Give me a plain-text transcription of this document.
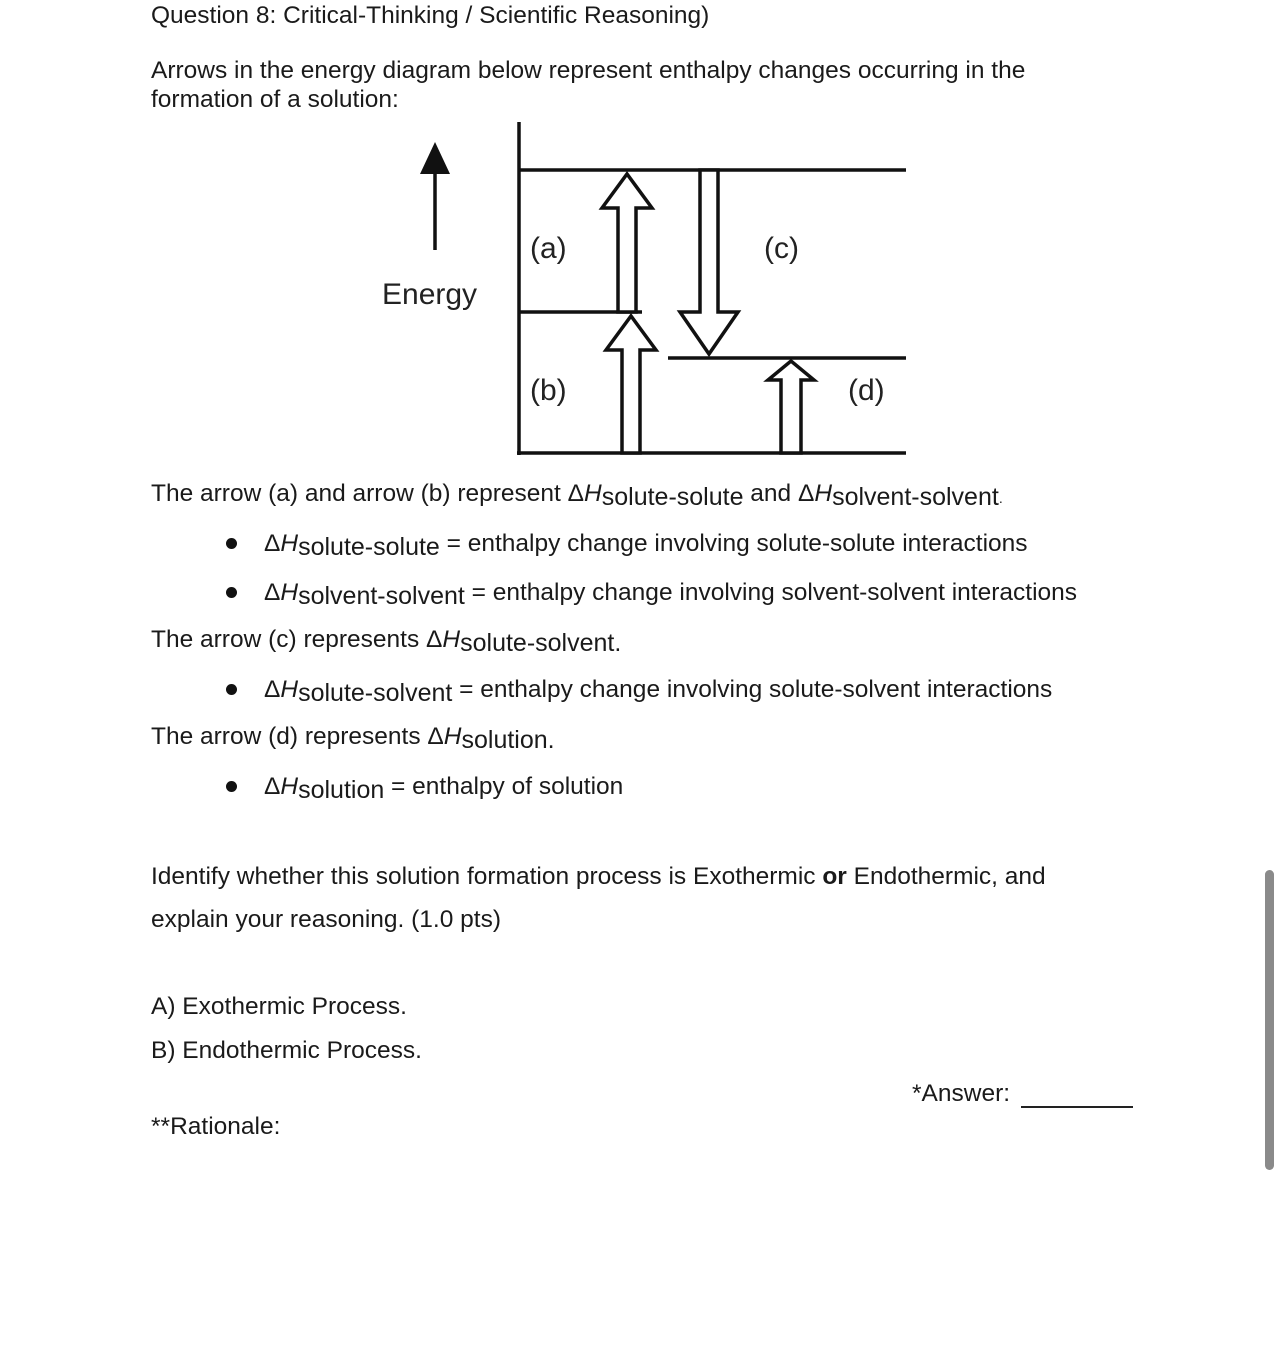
Question 8: Critical-Thinking / Scientific Reasoning)
Arrows in the energy diagram below represent enthalpy changes occurring in the
formation of a solution:
Energy
(a)
(b)
(c)
(d)
The arrow (a) and arrow (b) represent ΔHsolute-solute and ΔHsolvent-solvent.
ΔHsolute-solute = enthalpy change involving solute-solute interactions
ΔHsolvent-solvent = enthalpy change involving solvent-solvent interactions
The arrow (c) represents ΔHsolute-solvent.
ΔHsolute-solvent = enthalpy change involving solute-solvent interactions
The arrow (d) represents ΔHsolution.
ΔHsolution = enthalpy of solution
Identify whether this solution formation process is Exothermic or Endothermic, and
explain your reasoning. (1.0 pts)
A) Exothermic Process.
B) Endothermic Process.
*Answer:
**Rationale:
